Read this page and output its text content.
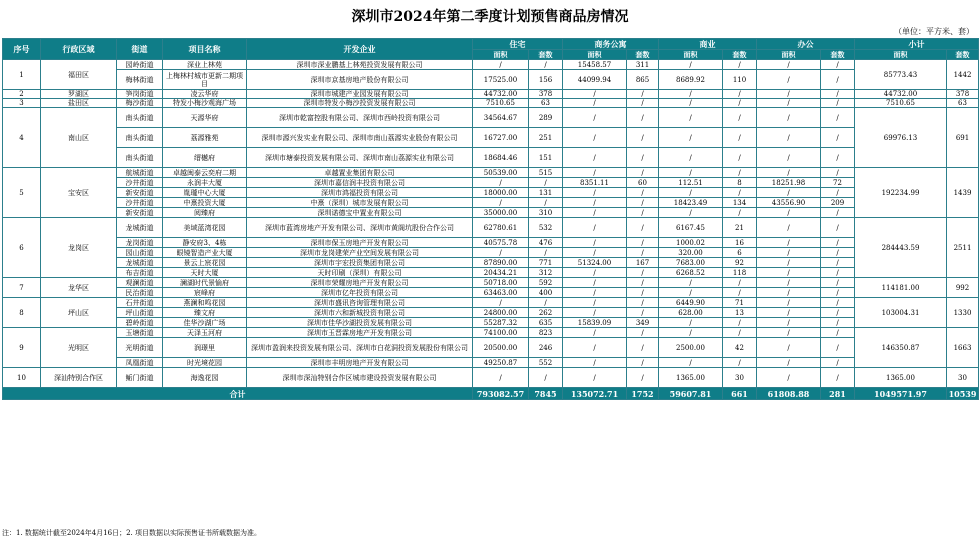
深圳市2024年第二季度计划预售商品房情况
（单位：平方米、套）
序号	行政区域	街道	项目名称	开发企业	住宅		商务公寓		商业		办公		小计	
					面积	套数	面积	套数	面积	套数	面积	套数	面积	套数
1	福田区	园岭街道	深业上林苑	深圳市深业鹏基上林苑投资发展有限公司	/	/	15458.57	311	/	/	/	/	85773.43	1442
		梅林街道	上梅林村城市更新二期项目	深圳市京基房地产股份有限公司	17525.00	156	44099.94	865	8689.92	110	/	/		
2	罗湖区	笋岗街道	凌云华府	深圳市城建产业园发展有限公司	44732.00	378	/	/	/	/	/	/	44732.00	378
3	盐田区	梅沙街道	特发小梅沙观海广场	深圳市特发小梅沙投资发展有限公司	7510.65	63	/	/	/	/	/	/	7510.65	63
4	南山区	南头街道	天源华府	深圳市乾富控股有限公司、深圳市西岭投资有限公司	34564.67	289	/	/	/	/	/	/	69976.13	691
		南头街道	荔源雅苑	深圳市源兴发实业有限公司、深圳市南山荔源实业股份有限公司	16727.00	251	/	/	/	/	/	/		
		南头街道	缙樾府	深圳市塘泰投资发展有限公司、深圳市南山荔源实业有限公司	18684.46	151	/	/	/	/	/	/		
5	宝安区	航城街道	卓越闽泰云奕府二期	卓越置业集团有限公司	50539.00	515	/	/	/	/	/	/	192234.99	1439
		沙井街道	永润丰大厦	深圳市嘉信润丰投资有限公司	/	/	8351.11	60	112.51	8	18251.98	72		
		新安街道	胤瓏中心大厦	深圳市鸿福投资有限公司	18000.00	131	/	/	/	/	/	/		
		沙井街道	中熹投资大厦	中熹（深圳）城市发展有限公司	/	/	/	/	18423.49	134	43556.90	209		
		新安街道	阅臻府	深圳诺德宝中置业有限公司	35000.00	310	/	/	/	/	/	/		
6	龙岗区	龙城街道	美域蓝湾花园	深圳市蓝湾房地产开发有限公司、深圳市黄阁坑股份合作公司	62780.61	532	/	/	6167.45	21	/	/	284443.59	2511
		龙岗街道	静安府3、4栋	深圳市保玉房地产开发有限公司	40575.78	476	/	/	1000.02	16	/	/		
		园山街道	眼镜智造产业大厦	深圳市龙岗建荣产业空间发展有限公司	/	/	/	/	320.00	6	/	/		
		龙城街道	景云上宸花园	深圳市宇宏投资集团有限公司	87890.00	771	51324.00	167	7683.00	92	/	/		
		布吉街道	天时大厦	天时印刷（深圳）有限公司	20434.21	312	/	/	6268.52	118	/	/		
7	龙华区	观澜街道	澜湖时代景愉府	深圳市荣耀房地产开发有限公司	50718.00	592	/	/	/	/	/	/	114181.00	992
		民治街道	宸峰府	深圳市亿年投资有限公司	63463.00	400	/	/	/	/	/	/		
8	坪山区	石井街道	燕澜和鸣花园	深圳市盛讯咨询管理有限公司	/	/	/	/	6449.90	71	/	/	103004.31	1330
		坪山街道	臻文府	深圳市六和新城投资有限公司	24800.00	262	/	/	628.00	13	/	/		
		碧岭街道	佳华沙湖广场	深圳市佳华沙湖投资发展有限公司	55287.32	635	15839.09	349	/	/	/	/		
9	光明区	玉塘街道	天泽玉河府	深圳市玉晋霖房地产开发有限公司	74100.00	823	/	/	/	/	/	/	146350.87	1663
		光明街道	润璟里	深圳市盈润来投资发展有限公司、深圳市白花洞投资发展股份有限公司	20500.00	246	/	/	2500.00	42	/	/		
		凤凰街道	时光境花园	深圳市丰明房地产开发有限公司	49250.87	552	/	/	/	/	/	/		
10	深汕特别合作区	鲘门街道	海逸花园	深圳市深汕特别合作区城市建设投资发展有限公司	/	/	/	/	1365.00	30	/	/	1365.00	30
合计					793082.57	7845	135072.71	1752	59607.81	661	61808.88	281	1049571.97	10539
注：1. 数据统计截至2024年4月16日；2. 项目数据以实际预售证书所载数据为准。
